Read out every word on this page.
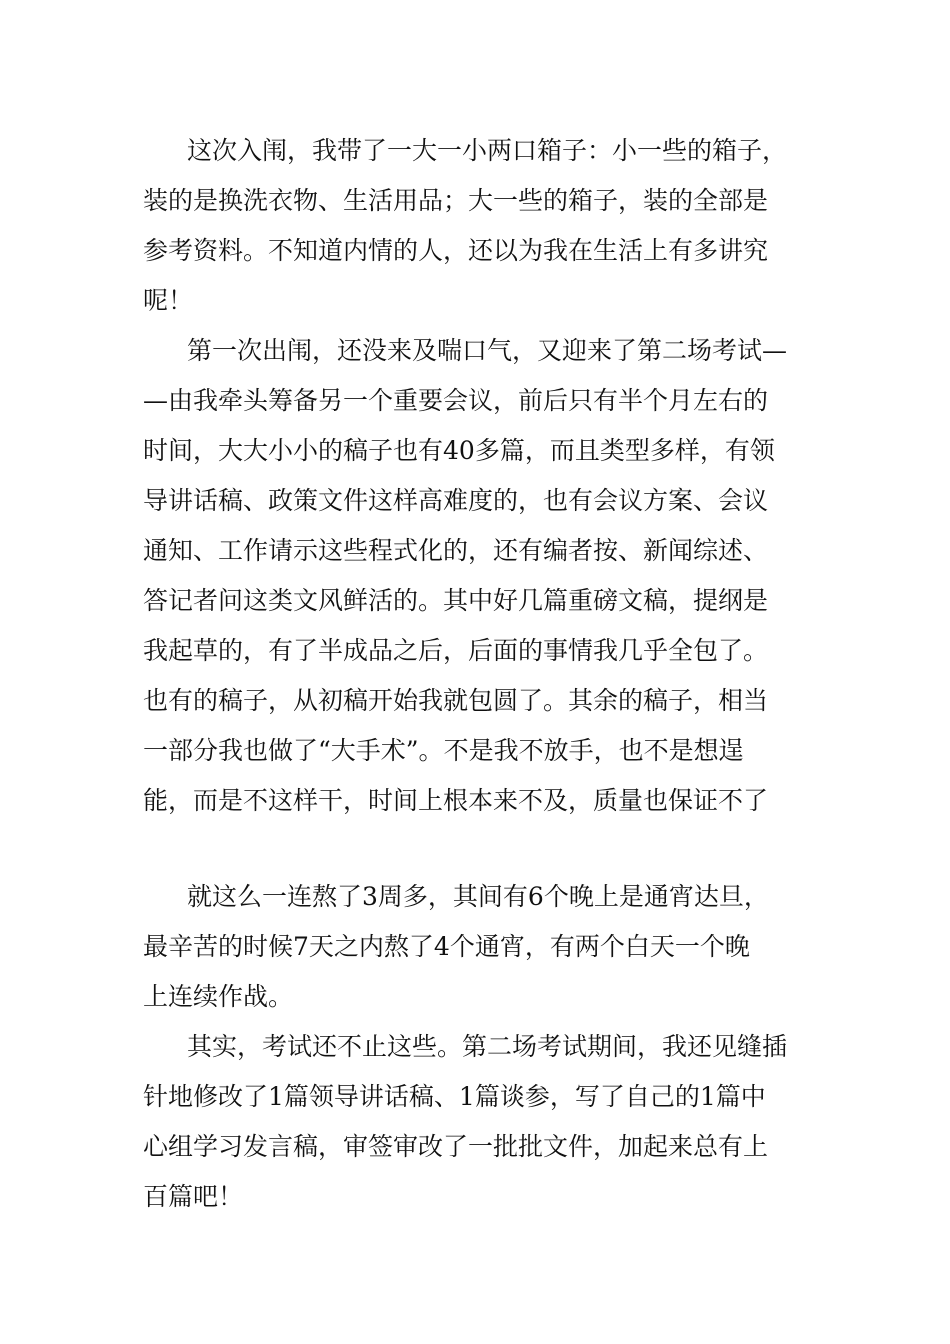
这次入闱，我带了一大一小两口箱子：小一些的箱子，

装的是换洗衣物、生活用品；大一些的箱子，装的全部是

参考资料。不知道内情的人，还以为我在生活上有多讲究

呢！

第一次出闱，还没来及喘口气，又迎来了第二场考试—

—由我牵头筹备另一个重要会议，前后只有半个月左右的

时间，大大小小的稿子也有40多篇，而且类型多样，有领

导讲话稿、政策文件这样高难度的，也有会议方案、会议

通知、工作请示这些程式化的，还有编者按、新闻综述、

答记者问这类文风鲜活的。其中好几篇重磅文稿，提纲是

我起草的，有了半成品之后，后面的事情我几乎全包了。

也有的稿子，从初稿开始我就包圆了。其余的稿子，相当

一部分我也做了“大手术”。不是我不放手，也不是想逞

能，而是不这样干，时间上根本来不及，质量也保证不了

就这么一连熬了3周多，其间有6个晚上是通宵达旦，

最辛苦的时候7天之内熬了4个通宵，有两个白天一个晚

上连续作战。

其实，考试还不止这些。第二场考试期间，我还见缝插

针地修改了1篇领导讲话稿、1篇谈参，写了自己的1篇中

心组学习发言稿，审签审改了一批批文件，加起来总有上

百篇吧！
